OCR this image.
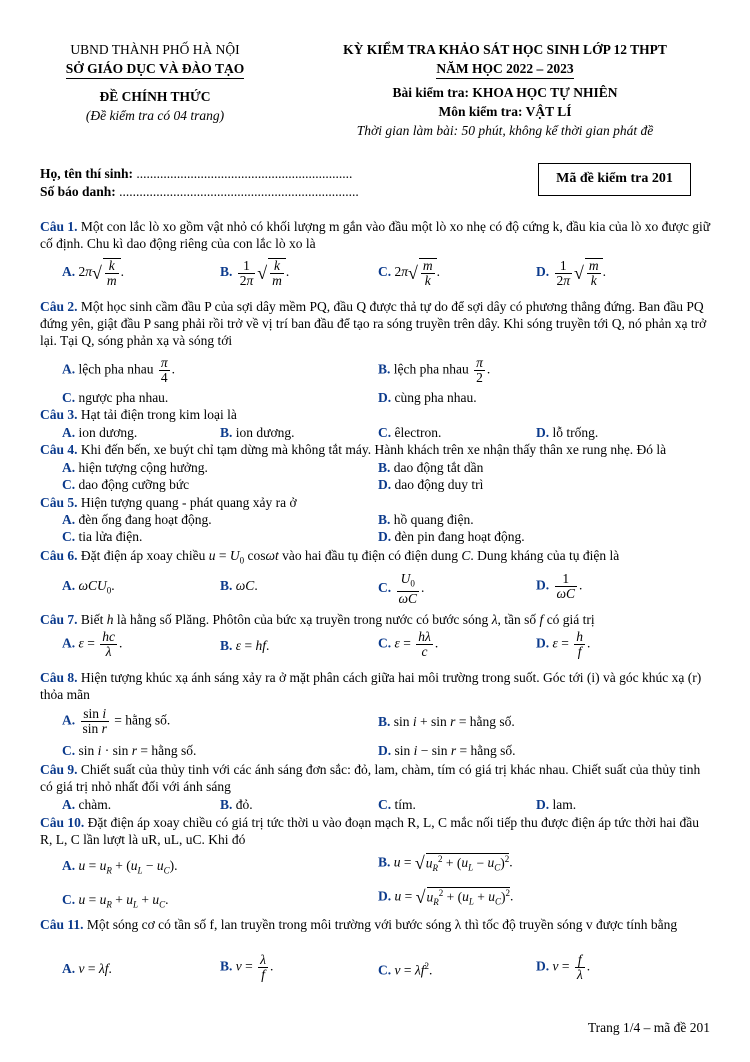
UBND THÀNH PHỐ HÀ NỘI
SỞ GIÁO DỤC VÀ ĐÀO TẠO
ĐỀ CHÍNH THỨC
(Đề kiểm tra có 04 trang)
KỲ KIỂM TRA KHẢO SÁT HỌC SINH LỚP 12 THPT
NĂM HỌC 2022 – 2023
Bài kiểm tra: KHOA HỌC TỰ NHIÊN
Môn kiểm tra: VẬT LÍ
Thời gian làm bài: 50 phút, không kể thời gian phát đề
Họ, tên thí sinh: ................................................................
Số báo danh: .......................................................................
Mã đề kiểm tra 201
Câu 1. Một con lắc lò xo gồm vật nhỏ có khối lượng m gắn vào đầu một lò xo nhẹ có độ cứng k, đầu kia của lò xo được giữ cố định. Chu kì dao động riêng của con lắc lò xo là
A. $2\pi√ \frac{k}{m}$ .	B. $\frac{1}{2\pi}$ √ $\frac{k}{m}$ .	C. $2\pi√ \frac{m}{k}$ .	D. $\frac{1}{2\pi}$ √ $\frac{m}{k}$ .
Câu 2. Một học sinh cầm đầu P của sợi dây mềm PQ, đầu Q được thả tự do để sợi dây có phương thẳng đứng. Ban đầu PQ đứng yên, giật đầu P sang phải rồi trở về vị trí ban đầu để tạo ra sóng truyền trên dây. Khi sóng truyền tới Q, nó phản xạ trở lại. Tại Q, sóng phản xạ và sóng tới
A. lệch pha nhau $\frac{\pi}{4}$ .	B. lệch pha nhau $\frac{\pi}{2}$ .
C. ngược pha nhau.	D. cùng pha nhau.
Câu 3. Hạt tải điện trong kim loại là
A. ion dương.	B. ion dương.	C. êlectron.	D. lỗ trống.
Câu 4. Khi đến bến, xe buýt chỉ tạm dừng mà không tắt máy. Hành khách trên xe nhận thấy thân xe rung nhẹ. Đó là
A. hiện tượng cộng hưởng.	B. dao động tắt dần
C. dao động cưỡng bức	D. dao động duy trì
Câu 5. Hiện tượng quang - phát quang xảy ra ở
A. đèn ống đang hoạt động.	B. hồ quang điện.
C. tia lửa điện.	D. đèn pin đang hoạt động.
Câu 6. Đặt điện áp xoay chiều $u = U_0$ cosωt vào hai đầu tụ điện có điện dung C. Dung kháng của tụ điện là
A. ωCU$_0$.	B. ωC.	C. $\frac{U_0}{\omega C}$ .	D. $\frac{1}{\omega C}$ .
Câu 7. Biết h là hằng số Plăng. Phôtôn của bức xạ truyền trong nước có bước sóng λ, tần số f có giá trị
A. $\varepsilon = \frac{hc}{\lambda}$ .	B. ε = hf.	C. $\varepsilon = \frac{h\lambda}{c}$ .	D. $\varepsilon = \frac{h}{f}$ .
Câu 8. Hiện tượng khúc xạ ánh sáng xảy ra ở mặt phân cách giữa hai môi trường trong suốt. Góc tới (i) và góc khúc xạ (r) thỏa mãn
A. $\frac{\text{sin i}}{\text{sin r}}$ = hằng số.	B. sin i + sin r = hằng số.
C. sin i · sin r = hằng số.	D. sin i − sin r = hằng số.
Câu 9. Chiết suất của thủy tinh với các ánh sáng đơn sắc: đỏ, lam, chàm, tím có giá trị khác nhau. Chiết suất của thủy tinh có giá trị nhỏ nhất đối với ánh sáng
A. chàm.	B. đỏ.	C. tím.	D. lam.
Câu 10. Đặt điện áp xoay chiều có giá trị tức thời u vào đoạn mạch R, L, C mắc nối tiếp thu được điện áp tức thời hai đầu R, L, C lần lượt là uR, uL, uC. Khi đó
A. $u = u_R + (u_L - u_C)$.	B. $u = √u_R^2 + (u_L - u_C)^2$.
C. $u = u_R + u_L + u_C$.	D. $u = √u_R^2 + (u_L + u_C)^2$.
Câu 11. Một sóng cơ có tần số f, lan truyền trong môi trường với bước sóng λ thì tốc độ truyền sóng v được tính bằng
A. v = λf.	B. $v = \frac{\lambda}{f}$ .	C. $v = \lambda f^2$.	D. $v = \frac{f}{\lambda}$ .
Trang 1/4 – mã đề 201
